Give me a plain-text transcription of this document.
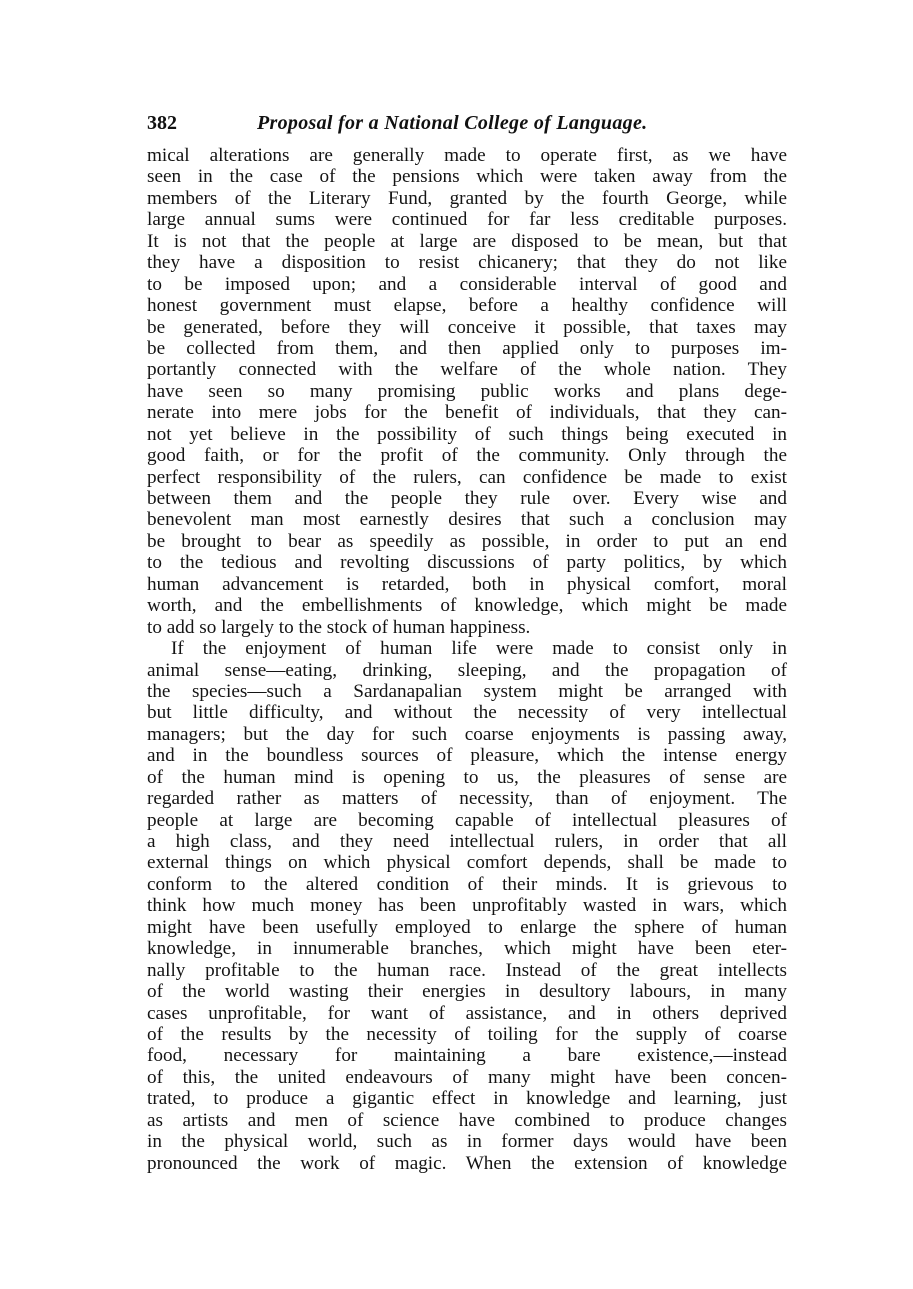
382	Proposal for a National College of Language.
mical alterations are generally made to operate first, as we have
seen in the case of the pensions which were taken away from the
members of the Literary Fund, granted by the fourth George, while
large annual sums were continued for far less creditable purposes.
It is not that the people at large are disposed to be mean, but that
they have a disposition to resist chicanery; that they do not like
to be imposed upon; and a considerable interval of good and
honest government must elapse, before a healthy confidence will
be generated, before they will conceive it possible, that taxes may
be collected from them, and then applied only to purposes im-
portantly connected with the welfare of the whole nation. They
have seen so many promising public works and plans dege-
nerate into mere jobs for the benefit of individuals, that they can-
not yet believe in the possibility of such things being executed in
good faith, or for the profit of the community. Only through the
perfect responsibility of the rulers, can confidence be made to exist
between them and the people they rule over. Every wise and
benevolent man most earnestly desires that such a conclusion may
be brought to bear as speedily as possible, in order to put an end
to the tedious and revolting discussions of party politics, by which
human advancement is retarded, both in physical comfort, moral
worth, and the embellishments of knowledge, which might be made
to add so largely to the stock of human happiness.
If the enjoyment of human life were made to consist only in
animal sense—eating, drinking, sleeping, and the propagation of
the species—such a Sardanapalian system might be arranged with
but little difficulty, and without the necessity of very intellectual
managers; but the day for such coarse enjoyments is passing away,
and in the boundless sources of pleasure, which the intense energy
of the human mind is opening to us, the pleasures of sense are
regarded rather as matters of necessity, than of enjoyment. The
people at large are becoming capable of intellectual pleasures of
a high class, and they need intellectual rulers, in order that all
external things on which physical comfort depends, shall be made to
conform to the altered condition of their minds. It is grievous to
think how much money has been unprofitably wasted in wars, which
might have been usefully employed to enlarge the sphere of human
knowledge, in innumerable branches, which might have been eter-
nally profitable to the human race. Instead of the great intellects
of the world wasting their energies in desultory labours, in many
cases unprofitable, for want of assistance, and in others deprived
of the results by the necessity of toiling for the supply of coarse
food, necessary for maintaining a bare existence,—instead
of this, the united endeavours of many might have been concen-
trated, to produce a gigantic effect in knowledge and learning, just
as artists and men of science have combined to produce changes
in the physical world, such as in former days would have been
pronounced the work of magic. When the extension of knowledge
